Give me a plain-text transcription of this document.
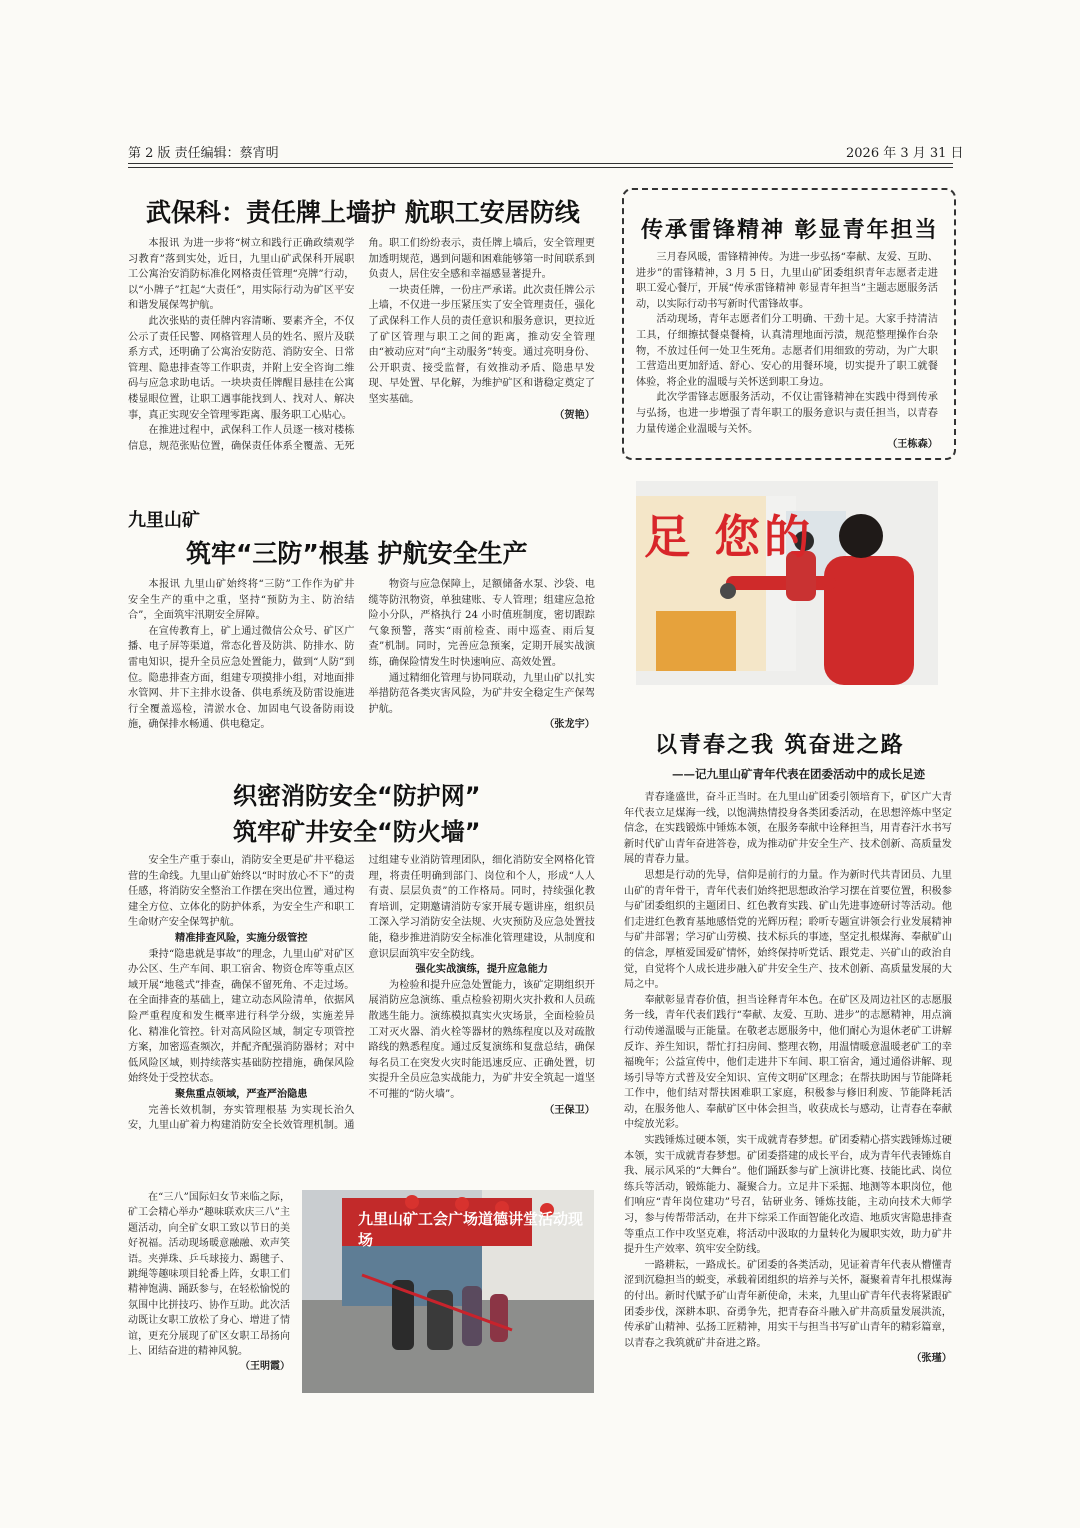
第 2 版 责任编辑：蔡宵明	2026 年 3 月 31 日
武保科：责任牌上墙护 航职工安居防线

本报讯 为进一步将“树立和践行正确政绩观学习教育”落到实处，近日，九里山矿武保科开展职工公寓治安消防标准化网格责任管理“亮牌”行动，以“小牌子”扛起“大责任”，用实际行动为矿区平安和谐发展保驾护航。

此次张贴的责任牌内容清晰、要素齐全，不仅公示了责任民警、网格管理人员的姓名、照片及联系方式，还明确了公寓治安防范、消防安全、日常管理、隐患排查等工作职责，并附上安全咨询二维码与应急求助电话。一块块责任牌醒目悬挂在公寓楼显眼位置，让职工遇事能找到人、找对人、解决事，真正实现安全管理零距离、服务职工心贴心。

在推进过程中，武保科工作人员逐一核对楼栋信息，规范张贴位置，确保责任体系全覆盖、无死角。职工们纷纷表示，责任牌上墙后，安全管理更加透明规范，遇到问题和困难能够第一时间联系到负责人，居住安全感和幸福感显著提升。

一块责任牌，一份庄严承诺。此次责任牌公示上墙，不仅进一步压紧压实了安全管理责任，强化了武保科工作人员的责任意识和服务意识，更拉近了矿区管理与职工之间的距离，推动安全管理由“被动应对”向“主动服务”转变。通过亮明身份、公开职责、接受监督，有效推动矛盾、隐患早发现、早处置、早化解，为维护矿区和谐稳定奠定了坚实基础。

（贺艳）

九里山矿
筑牢“三防”根基 护航安全生产

本报讯 九里山矿始终将“三防”工作作为矿井安全生产的重中之重，坚持“预防为主、防治结合”，全面筑牢汛期安全屏障。

在宣传教育上，矿上通过微信公众号、矿区广播、电子屏等渠道，常态化普及防洪、防排水、防雷电知识，提升全员应急处置能力，做到“人防”到位。隐患排查方面，组建专项摸排小组，对地面排水管网、井下主排水设备、供电系统及防雷设施进行全覆盖巡检，清淤水仓、加固电气设备防雨设施，确保排水畅通、供电稳定。

物资与应急保障上，足额储备水泵、沙袋、电缆等防汛物资，单独建账、专人管理；组建应急抢险小分队，严格执行 24 小时值班制度，密切跟踪气象预警，落实“雨前检查、雨中巡查、雨后复查”机制。同时，完善应急预案，定期开展实战演练，确保险情发生时快速响应、高效处置。

通过精细化管理与协同联动，九里山矿以扎实举措防范各类灾害风险，为矿井安全稳定生产保驾护航。

（张龙宇）

织密消防安全“防护网”
筑牢矿井安全“防火墙”

安全生产重于泰山，消防安全更是矿井平稳运营的生命线。九里山矿始终以“时时放心不下”的责任感，将消防安全整治工作摆在突出位置，通过构建全方位、立体化的防护体系，为安全生产和职工生命财产安全保驾护航。

精准排查风险，实施分级管控

秉持“隐患就是事故”的理念，九里山矿对矿区办公区、生产车间、职工宿舍、物资仓库等重点区域开展“地毯式”排查，确保不留死角、不走过场。在全面排查的基础上，建立动态风险清单，依据风险严重程度和发生概率进行科学分级，实施差异化、精准化管控。针对高风险区域，制定专项管控方案，加密巡查频次，并配齐配强消防器材；对中低风险区域，则持续落实基础防控措施，确保风险始终处于受控状态。

聚焦重点领域，严查严治隐患

完善长效机制，夯实管理根基 为实现长治久安，九里山矿着力构建消防安全长效管理机制。通过组建专业消防管理团队，细化消防安全网格化管理，将责任明确到部门、岗位和个人，形成“人人有责、层层负责”的工作格局。同时，持续强化教育培训，定期邀请消防专家开展专题讲座，组织员工深入学习消防安全法规、火灾预防及应急处置技能，稳步推进消防安全标准化管理建设，从制度和意识层面筑牢安全防线。

强化实战演练，提升应急能力

为检验和提升应急处置能力，该矿定期组织开展消防应急演练、重点检验初期火灾扑救和人员疏散逃生能力。演练模拟真实火灾场景，全面检验员工对灭火器、消火栓等器材的熟练程度以及对疏散路线的熟悉程度。通过反复演练和复盘总结，确保每名员工在突发火灾时能迅速反应、正确处置，切实提升全员应急实战能力，为矿井安全筑起一道坚不可摧的“防火墙”。

（王保卫）

在“三八”国际妇女节来临之际，矿工会精心举办“趣味联欢庆三八”主题活动，向全矿女职工致以节日的美好祝福。活动现场暖意融融、欢声笑语。夹弹珠、乒乓球接力、踢毽子、跳绳等趣味项目轮番上阵，女职工们精神饱满、踊跃参与，在轻松愉悦的氛围中比拼技巧、协作互助。此次活动既让女职工放松了身心、增进了情谊，更充分展现了矿区女职工昂扬向上、团结奋进的精神风貌。

（王明霞）

九里山矿工会广场道德讲堂活动现场
传承雷锋精神 彰显青年担当

三月春风暖，雷锋精神传。为进一步弘扬“奉献、友爱、互助、进步”的雷锋精神，3 月 5 日，九里山矿团委组织青年志愿者走进职工爱心餐厅，开展“传承雷锋精神 彰显青年担当”主题志愿服务活动，以实际行动书写新时代雷锋故事。

活动现场，青年志愿者们分工明确、干劲十足。大家手持清洁工具，仔细擦拭餐桌餐椅，认真清理地面污渍，规范整理操作台杂物，不放过任何一处卫生死角。志愿者们用细致的劳动，为广大职工营造出更加舒适、舒心、安心的用餐环境，切实提升了职工就餐体验，将企业的温暖与关怀送到职工身边。

此次学雷锋志愿服务活动，不仅让雷锋精神在实践中得到传承与弘扬，也进一步增强了青年职工的服务意识与责任担当，以青春力量传递企业温暖与关怀。

（王栋森）

足 您的
以青春之我 筑奋进之路
——记九里山矿青年代表在团委活动中的成长足迹

青春逢盛世，奋斗正当时。在九里山矿团委引领培育下，矿区广大青年代表立足煤海一线，以饱满热情投身各类团委活动，在思想淬炼中坚定信念，在实践锻炼中锤炼本领，在服务奉献中诠释担当，用青春汗水书写新时代矿山青年奋进答卷，成为推动矿井安全生产、技术创新、高质量发展的青春力量。

思想是行动的先导，信仰是前行的力量。作为新时代共青团员、九里山矿的青年骨干，青年代表们始终把思想政治学习摆在首要位置，积极参与矿团委组织的主题团日、红色教育实践、矿山先进事迹研讨等活动。他们走进红色教育基地感悟党的光辉历程；聆听专题宣讲领会行业发展精神与矿井部署；学习矿山劳模、技术标兵的事迹，坚定扎根煤海、奉献矿山的信念，厚植爱国爱矿情怀，始终保持听党话、跟党走、兴矿山的政治自觉，自觉将个人成长进步融入矿井安全生产、技术创新、高质量发展的大局之中。

奉献彰显青春价值，担当诠释青年本色。在矿区及周边社区的志愿服务一线，青年代表们践行“奉献、友爱、互助、进步”的志愿精神，用点滴行动传递温暖与正能量。在敬老志愿服务中，他们耐心为退休老矿工讲解反诈、养生知识，帮忙打扫房间、整理衣物，用温情暖意温暖老矿工的幸福晚年；公益宣传中，他们走进井下车间、职工宿舍，通过通俗讲解、现场引导等方式普及安全知识、宣传文明矿区理念；在帮扶助困与节能降耗工作中，他们结对帮扶困难职工家庭，积极参与修旧利废、节能降耗活动，在服务他人、奉献矿区中体会担当，收获成长与感动，让青春在奉献中绽放光彩。

实践锤炼过硬本领，实干成就青春梦想。矿团委精心搭实践锤炼过硬本领，实干成就青春梦想。矿团委搭建的成长平台，成为青年代表锤炼自我、展示风采的“大舞台”。他们踊跃参与矿上演讲比赛、技能比武、岗位练兵等活动，锻炼能力、凝聚合力。立足井下采掘、地测等本职岗位，他们响应“青年岗位建功”号召，钻研业务、锤炼技能，主动向技术大师学习，参与传帮带活动，在井下综采工作面智能化改造、地质灾害隐患排查等重点工作中攻坚克难，将活动中汲取的力量转化为履职实效，助力矿井提升生产效率、筑牢安全防线。

一路耕耘，一路成长。矿团委的各类活动，见证着青年代表从懵懂青涩到沉稳担当的蜕变，承载着团组织的培养与关怀，凝聚着青年扎根煤海的付出。新时代赋予矿山青年新使命，未来，九里山矿青年代表将紧跟矿团委步伐，深耕本职、奋勇争先，把青春奋斗融入矿井高质量发展洪流，传承矿山精神、弘扬工匠精神，用实干与担当书写矿山青年的精彩篇章，以青春之我筑就矿井奋进之路。

（张瑾）
